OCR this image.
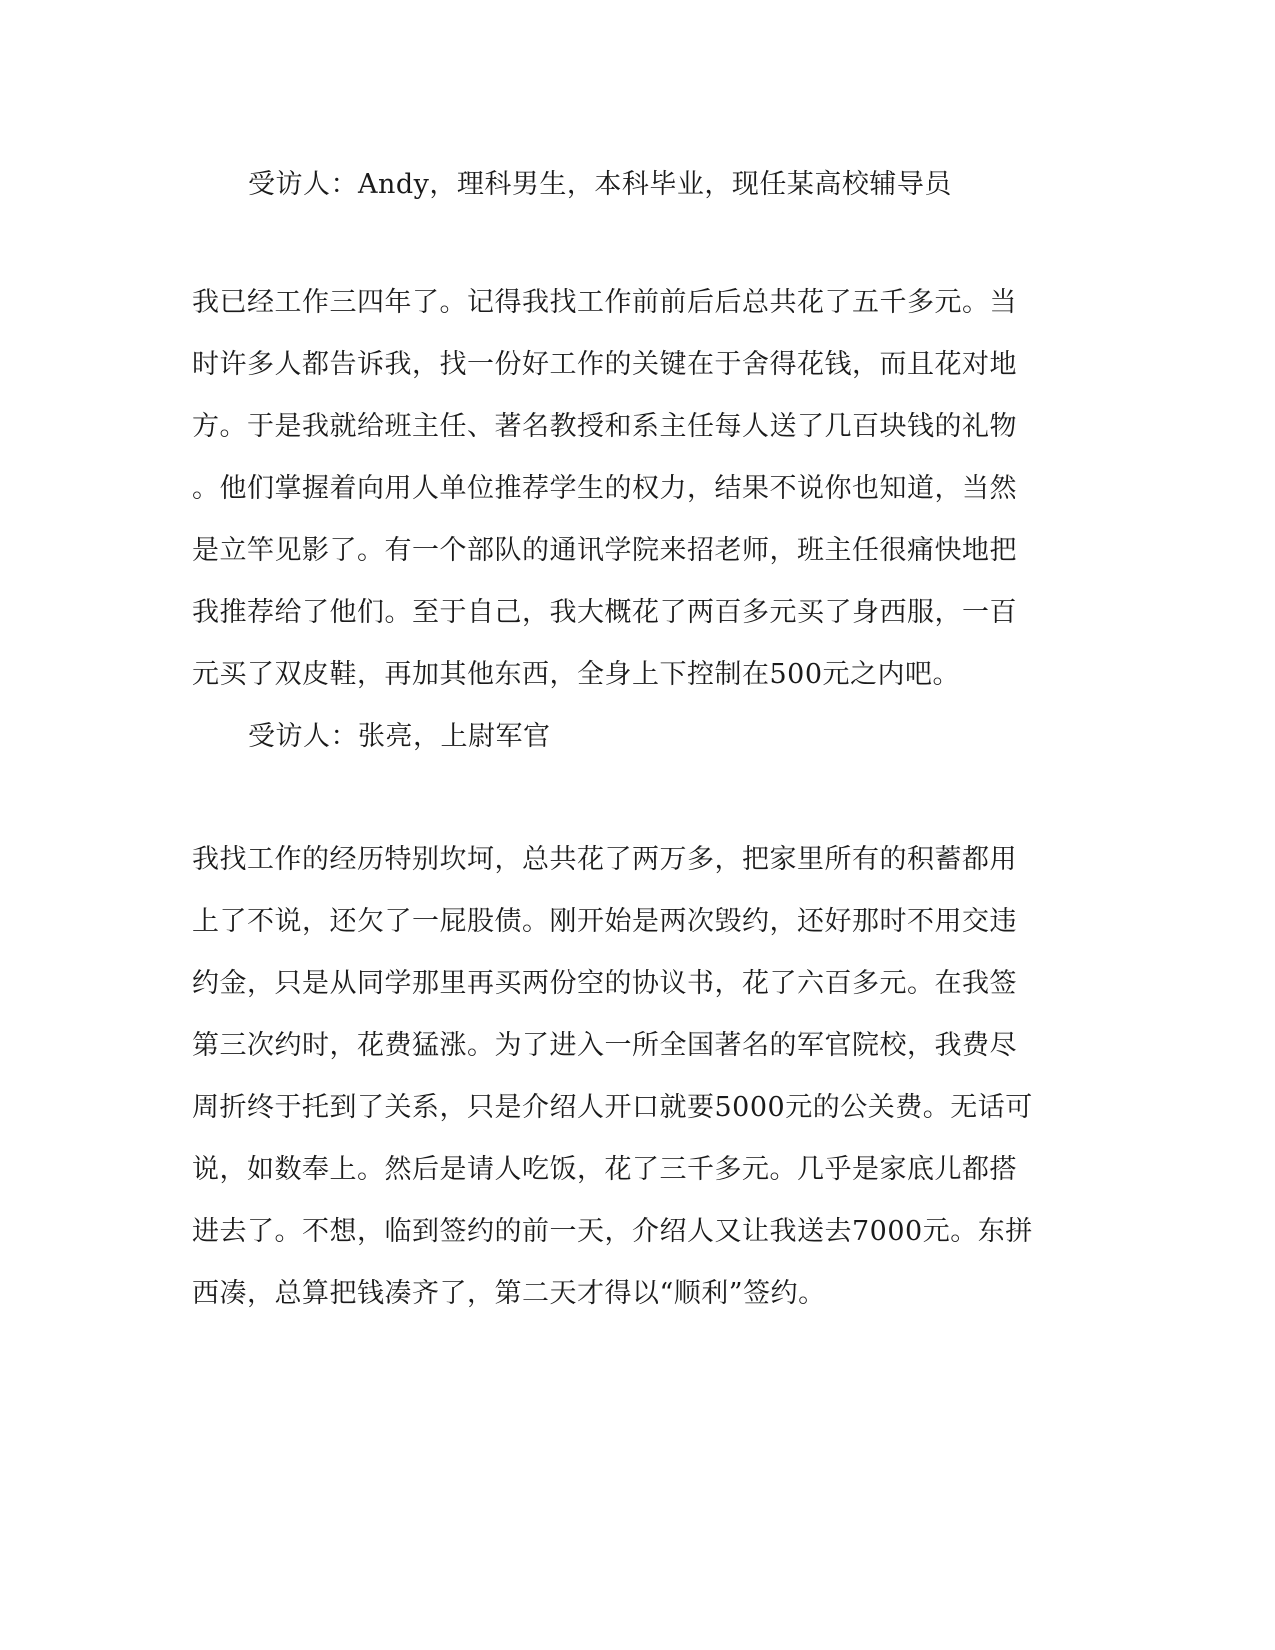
受访人：Andy，理科男生，本科毕业，现任某高校辅导员
我已经工作三四年了。记得我找工作前前后后总共花了五千多元。当
时许多人都告诉我，找一份好工作的关键在于舍得花钱，而且花对地
方。于是我就给班主任、著名教授和系主任每人送了几百块钱的礼物
。他们掌握着向用人单位推荐学生的权力，结果不说你也知道，当然
是立竿见影了。有一个部队的通讯学院来招老师，班主任很痛快地把
我推荐给了他们。至于自己，我大概花了两百多元买了身西服，一百
元买了双皮鞋，再加其他东西，全身上下控制在500元之内吧。
受访人：张亮，上尉军官
我找工作的经历特别坎坷，总共花了两万多，把家里所有的积蓄都用
上了不说，还欠了一屁股债。刚开始是两次毁约，还好那时不用交违
约金，只是从同学那里再买两份空的协议书，花了六百多元。在我签
第三次约时，花费猛涨。为了进入一所全国著名的军官院校，我费尽
周折终于托到了关系，只是介绍人开口就要5000元的公关费。无话可
说，如数奉上。然后是请人吃饭，花了三千多元。几乎是家底儿都搭
进去了。不想，临到签约的前一天，介绍人又让我送去7000元。东拼
西凑，总算把钱凑齐了，第二天才得以“顺利”签约。
